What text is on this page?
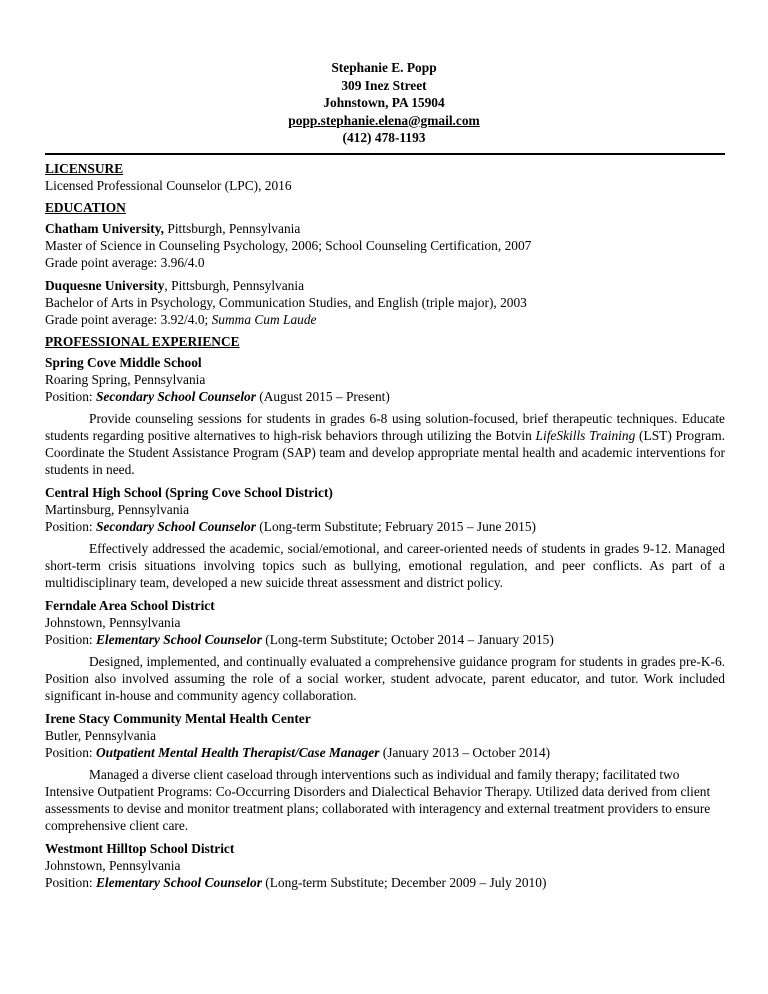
Stephanie E. Popp
309 Inez Street
Johnstown, PA 15904
popp.stephanie.elena@gmail.com
(412) 478-1193
LICENSURE
Licensed Professional Counselor (LPC), 2016
EDUCATION
Chatham University, Pittsburgh, Pennsylvania
Master of Science in Counseling Psychology, 2006; School Counseling Certification, 2007
Grade point average: 3.96/4.0
Duquesne University, Pittsburgh, Pennsylvania
Bachelor of Arts in Psychology, Communication Studies, and English (triple major), 2003
Grade point average: 3.92/4.0; Summa Cum Laude
PROFESSIONAL EXPERIENCE
Spring Cove Middle School
Roaring Spring, Pennsylvania
Position: Secondary School Counselor (August 2015 – Present)
Provide counseling sessions for students in grades 6-8 using solution-focused, brief therapeutic techniques. Educate students regarding positive alternatives to high-risk behaviors through utilizing the Botvin LifeSkills Training (LST) Program. Coordinate the Student Assistance Program (SAP) team and develop appropriate mental health and academic interventions for students in need.
Central High School (Spring Cove School District)
Martinsburg, Pennsylvania
Position: Secondary School Counselor (Long-term Substitute; February 2015 – June 2015)
Effectively addressed the academic, social/emotional, and career-oriented needs of students in grades 9-12. Managed short-term crisis situations involving topics such as bullying, emotional regulation, and peer conflicts. As part of a multidisciplinary team, developed a new suicide threat assessment and district policy.
Ferndale Area School District
Johnstown, Pennsylvania
Position: Elementary School Counselor (Long-term Substitute; October 2014 – January 2015)
Designed, implemented, and continually evaluated a comprehensive guidance program for students in grades pre-K-6. Position also involved assuming the role of a social worker, student advocate, parent educator, and tutor. Work included significant in-house and community agency collaboration.
Irene Stacy Community Mental Health Center
Butler, Pennsylvania
Position: Outpatient Mental Health Therapist/Case Manager (January 2013 – October 2014)
Managed a diverse client caseload through interventions such as individual and family therapy; facilitated two Intensive Outpatient Programs: Co-Occurring Disorders and Dialectical Behavior Therapy. Utilized data derived from client assessments to devise and monitor treatment plans; collaborated with interagency and external treatment providers to ensure comprehensive client care.
Westmont Hilltop School District
Johnstown, Pennsylvania
Position: Elementary School Counselor (Long-term Substitute; December 2009 – July 2010)
